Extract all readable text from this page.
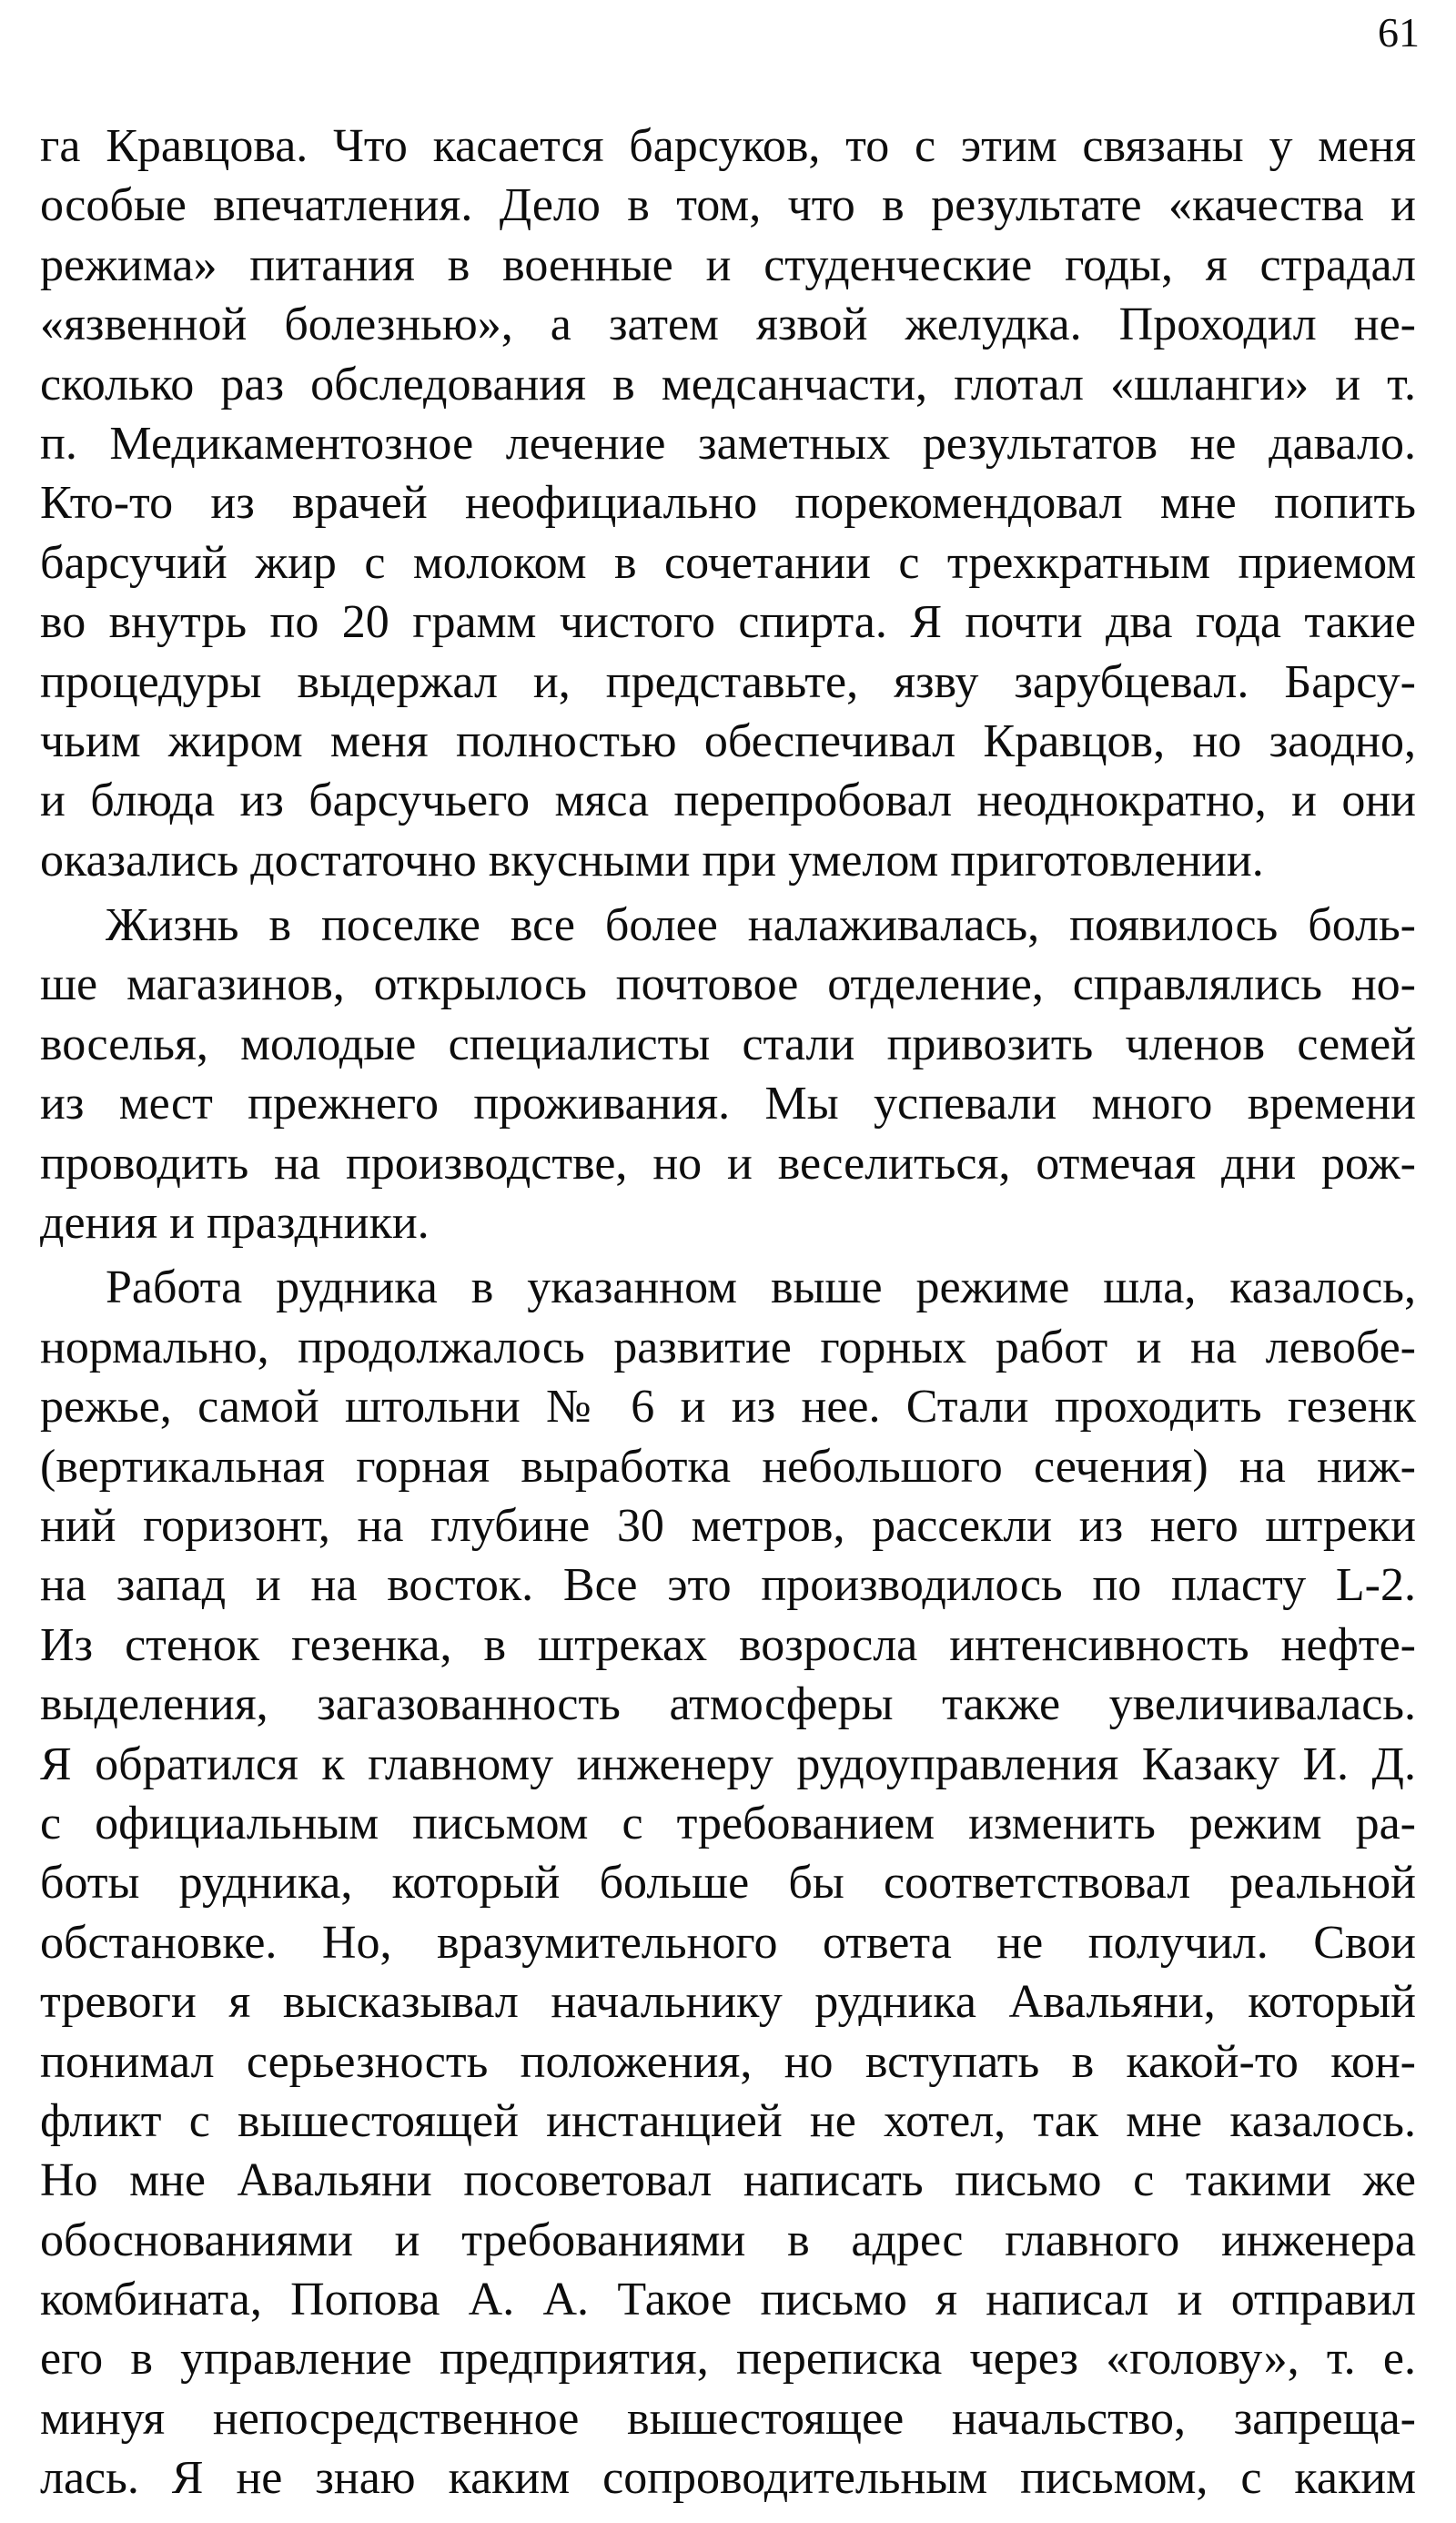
61
га Кравцова. Что касается барсуков, то с этим связаны у меня
особые впечатления. Дело в том, что в результате «качества и
режима» питания в военные и студенческие годы, я страдал
«язвенной болезнью», а затем язвой желудка. Проходил не-
сколько раз обследования в медсанчасти, глотал «шланги» и т.
п. Медикаментозное лечение заметных результатов не давало.
Кто-то из врачей неофициально порекомендовал мне попить
барсучий жир с молоком в сочетании с трехкратным приемом
во внутрь по 20 грамм чистого спирта. Я почти два года такие
процедуры выдержал и, представьте, язву зарубцевал. Барсу-
чьим жиром меня полностью обеспечивал Кравцов, но заодно,
и блюда из барсучьего мяса перепробовал неоднократно, и они
оказались достаточно вкусными при умелом приготовлении.
Жизнь в поселке все более налаживалась, появилось боль-
ше магазинов, открылось почтовое отделение, справлялись но-
воселья, молодые специалисты стали привозить членов семей
из мест прежнего проживания. Мы успевали много времени
проводить на производстве, но и веселиться, отмечая дни рож-
дения и праздники.
Работа рудника в указанном выше режиме шла, казалось,
нормально, продолжалось развитие горных работ и на левобе-
режье, самой штольни № 6 и из нее. Стали проходить гезенк
(вертикальная горная выработка небольшого сечения) на ниж-
ний горизонт, на глубине 30 метров, рассекли из него штреки
на запад и на восток. Все это производилось по пласту L-2.
Из стенок гезенка, в штреках возросла интенсивность нефте-
выделения, загазованность атмосферы также увеличивалась.
Я обратился к главному инженеру рудоуправления Казаку И. Д.
с официальным письмом с требованием изменить режим ра-
боты рудника, который больше бы соответствовал реальной
обстановке. Но, вразумительного ответа не получил. Свои
тревоги я высказывал начальнику рудника Авальяни, который
понимал серьезность положения, но вступать в какой-то кон-
фликт с вышестоящей инстанцией не хотел, так мне казалось.
Но мне Авальяни посоветовал написать письмо с такими же
обоснованиями и требованиями в адрес главного инженера
комбината, Попова А. А. Такое письмо я написал и отправил
его в управление предприятия, переписка через «голову», т. е.
минуя непосредственное вышестоящее начальство, запреща-
лась. Я не знаю каким сопроводительным письмом, с каким
